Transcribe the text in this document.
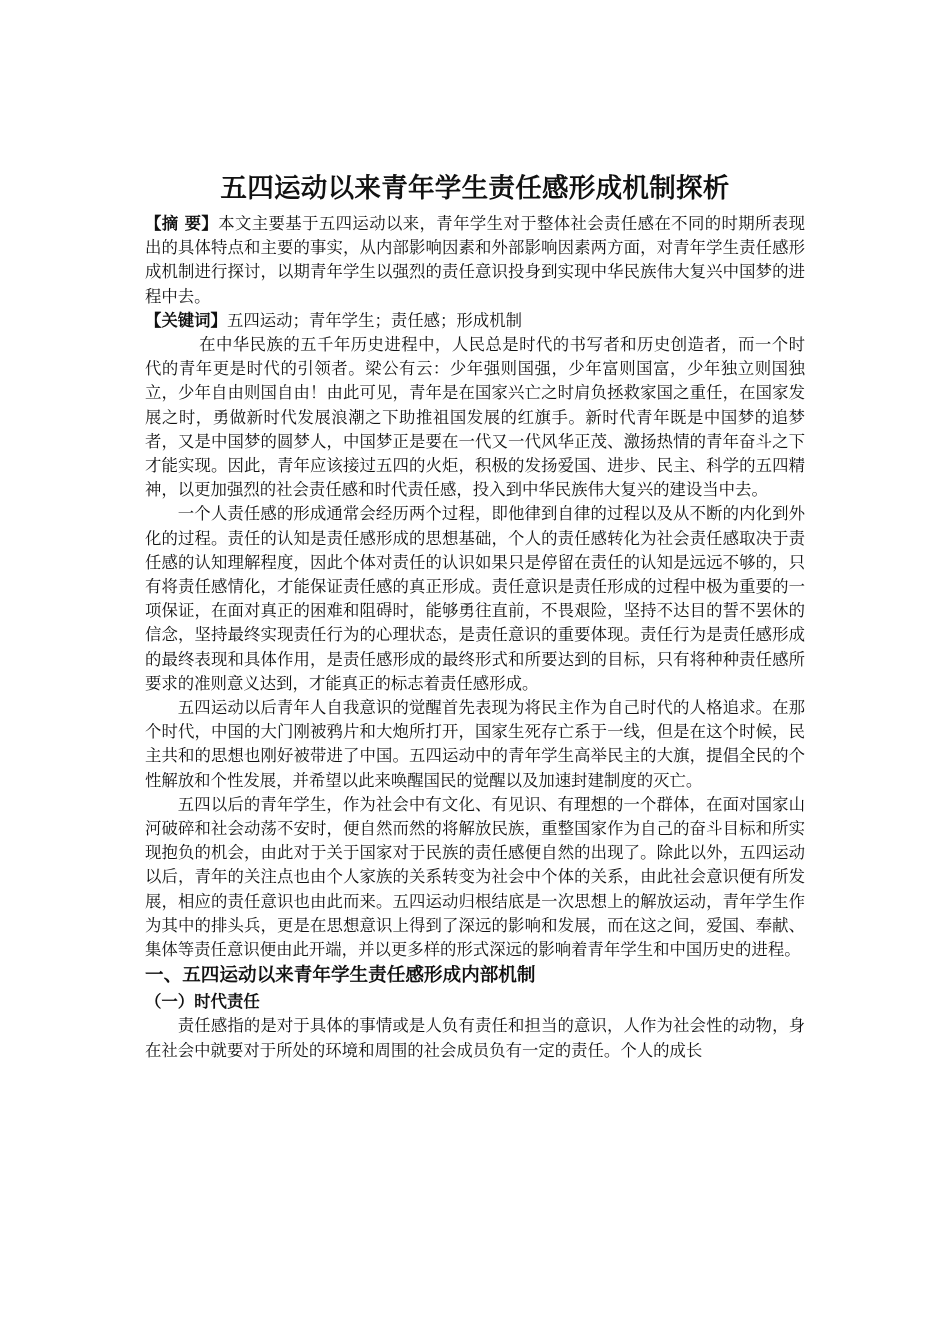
五四运动以来青年学生责任感形成机制探析

【摘 要】本文主要基于五四运动以来，青年学生对于整体社会责任感在不同的时期所表现出的具体特点和主要的事实，从内部影响因素和外部影响因素两方面，对青年学生责任感形成机制进行探讨，以期青年学生以强烈的责任意识投身到实现中华民族伟大复兴中国梦的进程中去。

【关键词】五四运动；青年学生；责任感；形成机制

在中华民族的五千年历史进程中，人民总是时代的书写者和历史创造者，而一个时代的青年更是时代的引领者。梁公有云：少年强则国强，少年富则国富，少年独立则国独立，少年自由则国自由！由此可见，青年是在国家兴亡之时肩负拯救家国之重任，在国家发展之时，勇做新时代发展浪潮之下助推祖国发展的红旗手。新时代青年既是中国梦的追梦者，又是中国梦的圆梦人，中国梦正是要在一代又一代风华正茂、激扬热情的青年奋斗之下才能实现。因此，青年应该接过五四的火炬，积极的发扬爱国、进步、民主、科学的五四精神，以更加强烈的社会责任感和时代责任感，投入到中华民族伟大复兴的建设当中去。

一个人责任感的形成通常会经历两个过程，即他律到自律的过程以及从不断的内化到外化的过程。责任的认知是责任感形成的思想基础，个人的责任感转化为社会责任感取决于责任感的认知理解程度，因此个体对责任的认识如果只是停留在责任的认知是远远不够的，只有将责任感情化，才能保证责任感的真正形成。责任意识是责任形成的过程中极为重要的一项保证，在面对真正的困难和阻碍时，能够勇往直前，不畏艰险，坚持不达目的誓不罢休的信念，坚持最终实现责任行为的心理状态，是责任意识的重要体现。责任行为是责任感形成的最终表现和具体作用，是责任感形成的最终形式和所要达到的目标，只有将种种责任感所要求的准则意义达到，才能真正的标志着责任感形成。

五四运动以后青年人自我意识的觉醒首先表现为将民主作为自己时代的人格追求。在那个时代，中国的大门刚被鸦片和大炮所打开，国家生死存亡系于一线，但是在这个时候，民主共和的思想也刚好被带进了中国。五四运动中的青年学生高举民主的大旗，提倡全民的个性解放和个性发展，并希望以此来唤醒国民的觉醒以及加速封建制度的灭亡。

五四以后的青年学生，作为社会中有文化、有见识、有理想的一个群体，在面对国家山河破碎和社会动荡不安时，便自然而然的将解放民族，重整国家作为自己的奋斗目标和所实现抱负的机会，由此对于关于国家对于民族的责任感便自然的出现了。除此以外，五四运动以后，青年的关注点也由个人家族的关系转变为社会中个体的关系，由此社会意识便有所发展，相应的责任意识也由此而来。五四运动归根结底是一次思想上的解放运动，青年学生作为其中的排头兵，更是在思想意识上得到了深远的影响和发展，而在这之间，爱国、奉献、集体等责任意识便由此开端，并以更多样的形式深远的影响着青年学生和中国历史的进程。

一、五四运动以来青年学生责任感形成内部机制
（一）时代责任

责任感指的是对于具体的事情或是人负有责任和担当的意识，人作为社会性的动物，身在社会中就要对于所处的环境和周围的社会成员负有一定的责任。个人的成长
